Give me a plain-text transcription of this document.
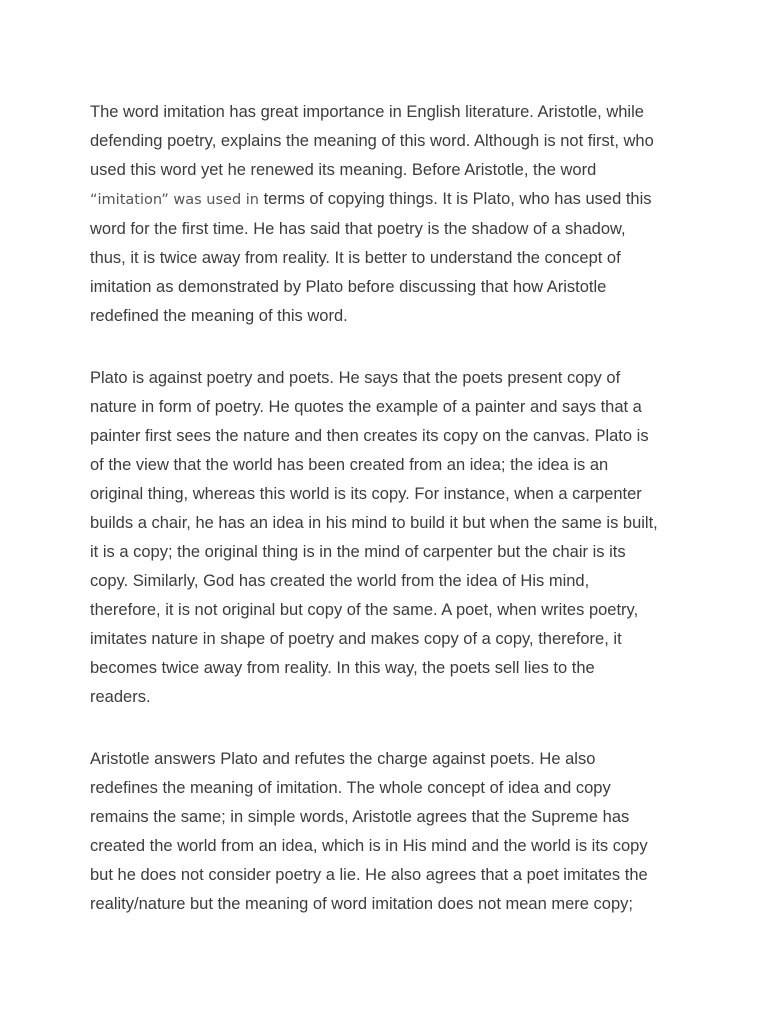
The word imitation has great importance in English literature. Aristotle, while
defending poetry, explains the meaning of this word. Although is not first, who
used this word yet he renewed its meaning. Before Aristotle, the word
“imitation” was used in terms of copying things. It is Plato, who has used this
word for the first time. He has said that poetry is the shadow of a shadow,
thus, it is twice away from reality. It is better to understand the concept of
imitation as demonstrated by Plato before discussing that how Aristotle
redefined the meaning of this word.

Plato is against poetry and poets. He says that the poets present copy of
nature in form of poetry. He quotes the example of a painter and says that a
painter first sees the nature and then creates its copy on the canvas. Plato is
of the view that the world has been created from an idea; the idea is an
original thing, whereas this world is its copy. For instance, when a carpenter
builds a chair, he has an idea in his mind to build it but when the same is built,
it is a copy; the original thing is in the mind of carpenter but the chair is its
copy. Similarly, God has created the world from the idea of His mind,
therefore, it is not original but copy of the same. A poet, when writes poetry,
imitates nature in shape of poetry and makes copy of a copy, therefore, it
becomes twice away from reality. In this way, the poets sell lies to the
readers.

Aristotle answers Plato and refutes the charge against poets. He also
redefines the meaning of imitation. The whole concept of idea and copy
remains the same; in simple words, Aristotle agrees that the Supreme has
created the world from an idea, which is in His mind and the world is its copy
but he does not consider poetry a lie. He also agrees that a poet imitates the
reality/nature but the meaning of word imitation does not mean mere copy;
